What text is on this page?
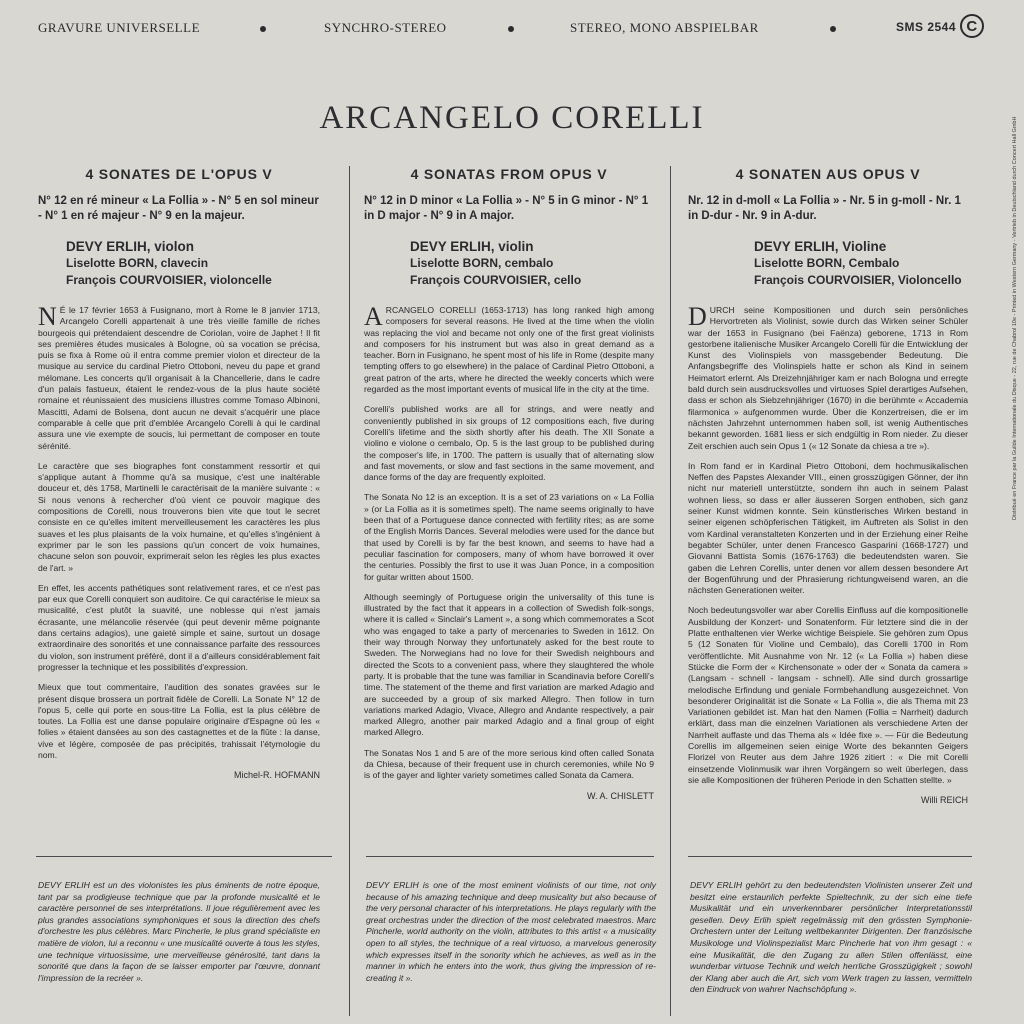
GRAVURE UNIVERSELLE	SYNCHRO-STEREO	STEREO, MONO ABSPIELBAR	SMS 2544 C
ARCANGELO CORELLI
4 SONATES DE L'OPUS V

N° 12 en ré mineur « La Follia » - N° 5 en sol mineur - N° 1 en ré majeur - N° 9 en la majeur.

DEVY ERLIH, violon
Liselotte BORN, clavecin
François COURVOISIER, violoncelle

N É le 17 février 1653 à Fusignano, mort à Rome le 8 janvier 1713, Arcangelo Corelli appartenait à une très vieille famille de riches bourgeois qui prétendaient descendre de Coriolan, voire de Japhet ! Il fit ses premières études musicales à Bologne, où sa vocation se précisa, puis se fixa à Rome où il entra comme premier violon et directeur de la musique au service du cardinal Pietro Ottoboni, neveu du pape et grand mélomane. Les concerts qu'il organisait à la Chancellerie, dans le cadre d'un palais fastueux, étaient le rendez-vous de la plus haute société romaine et réunissaient des musiciens illustres comme Tomaso Albinoni, Mascitti, Adami de Bolsena, dont aucun ne devait s'acquérir une place comparable à celle que prit d'emblée Arcangelo Corelli à qui le cardinal assura une vie exempte de soucis, lui permettant de composer en toute sérénité.

Le caractère que ses biographes font constamment ressortir et qui s'applique autant à l'homme qu'à sa musique, c'est une inaltérable douceur et, dès 1758, Martinelli le caractérisait de la manière suivante : « Si nous venons à rechercher d'où vient ce pouvoir magique des compositions de Corelli, nous trouverons bien vite que tout le secret consiste en ce qu'elles imitent merveilleusement les caractères les plus suaves et les plus plaisants de la voix humaine, et qu'elles s'ingénient à exprimer par le son les passions qu'un concert de voix humaines, chacune selon son pouvoir, exprimerait selon les règles les plus exactes de l'art. »

En effet, les accents pathétiques sont relativement rares, et ce n'est pas par eux que Corelli conquiert son auditoire. Ce qui caractérise le mieux sa musicalité, c'est plutôt la suavité, une noblesse qui n'est jamais écrasante, une mélancolie réservée (qui peut devenir même poignante dans certains adagios), une gaieté simple et saine, surtout un dosage extraordinaire des sonorités et une connaissance parfaite des ressources du violon, son instrument préféré, dont il a d'ailleurs considérablement fait progresser la technique et les possibilités d'expression.

Mieux que tout commentaire, l'audition des sonates gravées sur le présent disque brossera un portrait fidèle de Corelli. La Sonate N° 12 de l'opus 5, celle qui porte en sous-titre La Follia, est la plus célèbre de toutes. La Follia est une danse populaire originaire d'Espagne où les « folies » étaient dansées au son des castagnettes et de la flûte : la danse, vive et légère, composée de pas précipités, trahissait l'étymologie du nom.

Michel-R. HOFMANN
4 SONATAS FROM OPUS V

N° 12 in D minor « La Follia » - N° 5 in G minor - N° 1 in D major - N° 9 in A major.

DEVY ERLIH, violin
Liselotte BORN, cembalo
François COURVOISIER, cello

ARCANGELO CORELLI (1653-1713) has long ranked high among composers for several reasons. He lived at the time when the violin was replacing the viol and became not only one of the first great violinists and composers for his instrument but was also in great demand as a teacher. Born in Fusignano, he spent most of his life in Rome (despite many tempting offers to go elsewhere) in the palace of Cardinal Pietro Ottoboni, a great patron of the arts, where he directed the weekly concerts which were regarded as the most important events of musical life in the city at the time.

Corelli's published works are all for strings, and were neatly and conveniently published in six groups of 12 compositions each, five during Corelli's lifetime and the sixth shortly after his death. The XII Sonate a violino e violone o cembalo, Op. 5 is the last group to be published during the composer's life, in 1700. The pattern is usually that of alternating slow and fast movements, or slow and fast sections in the same movement, and dance forms of the day are frequently exploited.

The Sonata No 12 is an exception. It is a set of 23 variations on « La Follia » (or La Follia as it is sometimes spelt). The name seems originally to have been that of a Portuguese dance connected with fertility rites; as are some of the English Morris Dances. Several melodies were used for the dance but that used by Corelli is by far the best known, and seems to have had a peculiar fascination for composers, many of whom have borrowed it over the centuries. Possibly the first to use it was Juan Ponce, in a composition for guitar written about 1500.

Although seemingly of Portuguese origin the universality of this tune is illustrated by the fact that it appears in a collection of Swedish folk-songs, where it is called « Sinclair's Lament », a song which commemorates a Scot who was engaged to take a party of mercenaries to Sweden in 1612. On their way through Norway they unfortunately asked for the best route to Sweden. The Norwegians had no love for their Swedish neighbours and directed the Scots to a convenient pass, where they slaughtered the whole party. It is probable that the tune was familiar in Scandinavia before Corelli's time. The statement of the theme and first variation are marked Adagio and are succeeded by a group of six marked Allegro. Then follow in turn variations marked Adagio, Vivace, Allegro and Andante respectively, a pair marked Allegro, another pair marked Adagio and a final group of eight marked Allegro.

The Sonatas Nos 1 and 5 are of the more serious kind often called Sonata da Chiesa, because of their frequent use in church ceremonies, while No 9 is of the gayer and lighter variety sometimes called Sonata da Camera.

W. A. CHISLETT
4 SONATEN AUS OPUS V

Nr. 12 in d-moll « La Follia » - Nr. 5 in g-moll - Nr. 1 in D-dur - Nr. 9 in A-dur.

DEVY ERLIH, Violine
Liselotte BORN, Cembalo
François COURVOISIER, Violoncello

DURCH seine Kompositionen und durch sein persönliches Hervortreten als Violinist, sowie durch das Wirken seiner Schüler war der 1653 in Fusignano (bei Faënza) geborene, 1713 in Rom gestorbene italienische Musiker Arcangelo Corelli für die Entwicklung der Kunst des Violinspiels von massgebender Bedeutung. Die Anfangsbegriffe des Violinspiels hatte er schon als Kind in seinem Heimatort erlernt. Als Dreizehnjähriger kam er nach Bologna und erregte bald durch sein ausdrucksvolles und virtuoses Spiel derartiges Aufsehen, dass er schon als Siebzehnjähriger (1670) in die berühmte « Accademia filarmonica » aufgenommen wurde. Über die Konzertreisen, die er im nächsten Jahrzehnt unternommen haben soll, ist wenig Authentisches bekannt geworden. 1681 liess er sich endgültig in Rom nieder. Zu dieser Zeit erschien auch sein Opus 1 (« 12 Sonate da chiesa a tre »).

In Rom fand er in Kardinal Pietro Ottoboni, dem hochmusikalischen Neffen des Papstes Alexander VIII., einen grosszügigen Gönner, der ihn nicht nur materiell unterstützte, sondern ihn auch in seinem Palast wohnen liess, so dass er aller äusseren Sorgen enthoben, sich ganz seiner Kunst widmen konnte. Sein künstlerisches Wirken bestand in seiner eigenen schöpferischen Tätigkeit, im Auftreten als Solist in den vom Kardinal veranstalteten Konzerten und in der Erziehung einer Reihe begabter Schüler, unter denen Francesco Gasparini (1668-1727) und Giovanni Battista Somis (1676-1763) die bedeutendsten waren. Sie gaben die Lehren Corellis, unter denen vor allem dessen besondere Art der Bogenführung und der Phrasierung richtungweisend waren, an die nächsten Generationen weiter.

Noch bedeutungsvoller war aber Corellis Einfluss auf die kompositionelle Ausbildung der Konzert- und Sonatenform. Für letztere sind die in der Platte enthaltenen vier Werke wichtige Beispiele. Sie gehören zum Opus 5 (12 Sonaten für Violine und Cembalo), das Corelli 1700 in Rom veröffentlichte. Mit Ausnahme von Nr. 12 (« La Follia ») haben diese Stücke die Form der « Kirchensonate » oder der « Sonata da camera » (Langsam - schnell - langsam - schnell). Alle sind durch grossartige melodische Erfindung und geniale Formbehandlung ausgezeichnet. Von besonderer Originalität ist die Sonate « La Follia », die als Thema mit 23 Variationen gebildet ist. Man hat den Namen (Follia = Narrheit) dadurch erklärt, dass man die einzelnen Variationen als verschiedene Arten der Narrheit auffaste und das Thema als « Idée fixe ». — Für die Bedeutung Corellis im allgemeinen seien einige Worte des bekannten Geigers Florizel von Reuter aus dem Jahre 1926 zitiert : « Die mit Corelli einsetzende Violinmusik war ihren Vorgängern so weit überlegen, dass sie alle Kompositionen der früheren Periode in den Schatten stellte. »

Willi REICH
DEVY ERLIH est un des violonistes les plus éminents de notre époque, tant par sa prodigieuse technique que par la profonde musicalité et le caractère personnel de ses interprétations. Il joue régulièrement avec les plus grandes associations symphoniques et sous la direction des chefs d'orchestre les plus célèbres. Marc Pincherle, le plus grand spécialiste en matière de violon, lui a reconnu « une musicalité ouverte à tous les styles, une technique virtuosissime, une merveilleuse générosité, tant dans la sonorité que dans la façon de se laisser emporter par l'œuvre, donnant l'impression de la recréer ».
DEVY ERLIH is one of the most eminent violinists of our time, not only because of his amazing technique and deep musicality but also because of the very personal character of his interpretations. He plays regularly with the great orchestras under the direction of the most celebrated maestros. Marc Pincherle, world authority on the violin, attributes to this artist « a musicality open to all styles, the technique of a real virtuoso, a marvelous generosity which expresses itself in the sonority which he achieves, as well as in the manner in which he enters into the work, thus giving the impression of re-creating it ».
DEVY ERLIH gehört zu den bedeutendsten Violinisten unserer Zeit und besitzt eine erstaunlich perfekte Spieltechnik, zu der sich eine tiefe Musikalität und ein unverkennbarer persönlicher Interpretationsstil gesellen. Devy Erlih spielt regelmässig mit den grössten Symphonie-Orchestern unter der Leitung weltbekannter Dirigenten. Der französische Musikologe und Violinspezialist Marc Pincherle hat von ihm gesagt : « eine Musikalität, die den Zugang zu allen Stilen offenlässt, eine wunderbar virtuose Technik und welch herrliche Grosszügigkeit ; sowohl der Klang aber auch die Art, sich vom Werk tragen zu lassen, vermitteln den Eindruck von wahrer Nachschöpfung ».
Distribué en France par la Guilde Internationale du Disque - 22, rue de Chabrol 10e - Printed in Western Germany - Vertrieb in Deutschland durch Concert Hall GmbH
